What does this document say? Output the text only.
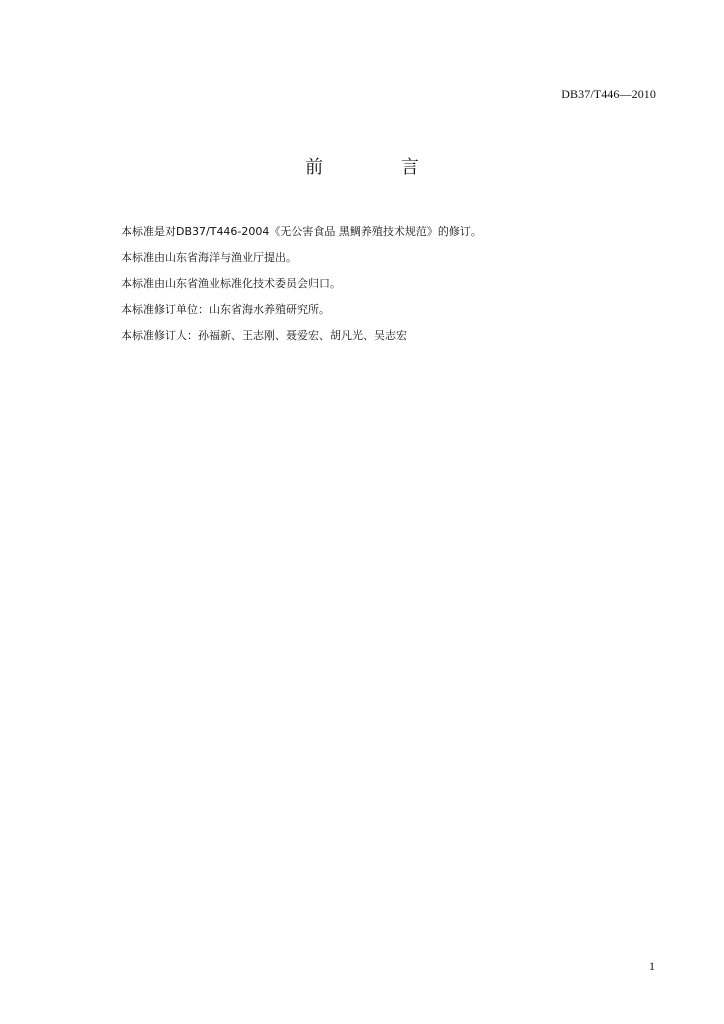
DB37/T446—2010
前 言
本标准是对DB37/T446-2004《无公害食品 黑鲷养殖技术规范》的修订。
本标准由山东省海洋与渔业厅提出。
本标准由山东省渔业标准化技术委员会归口。
本标准修订单位：山东省海水养殖研究所。
本标准修订人：孙福新、王志刚、聂爱宏、胡凡光、吴志宏
1
